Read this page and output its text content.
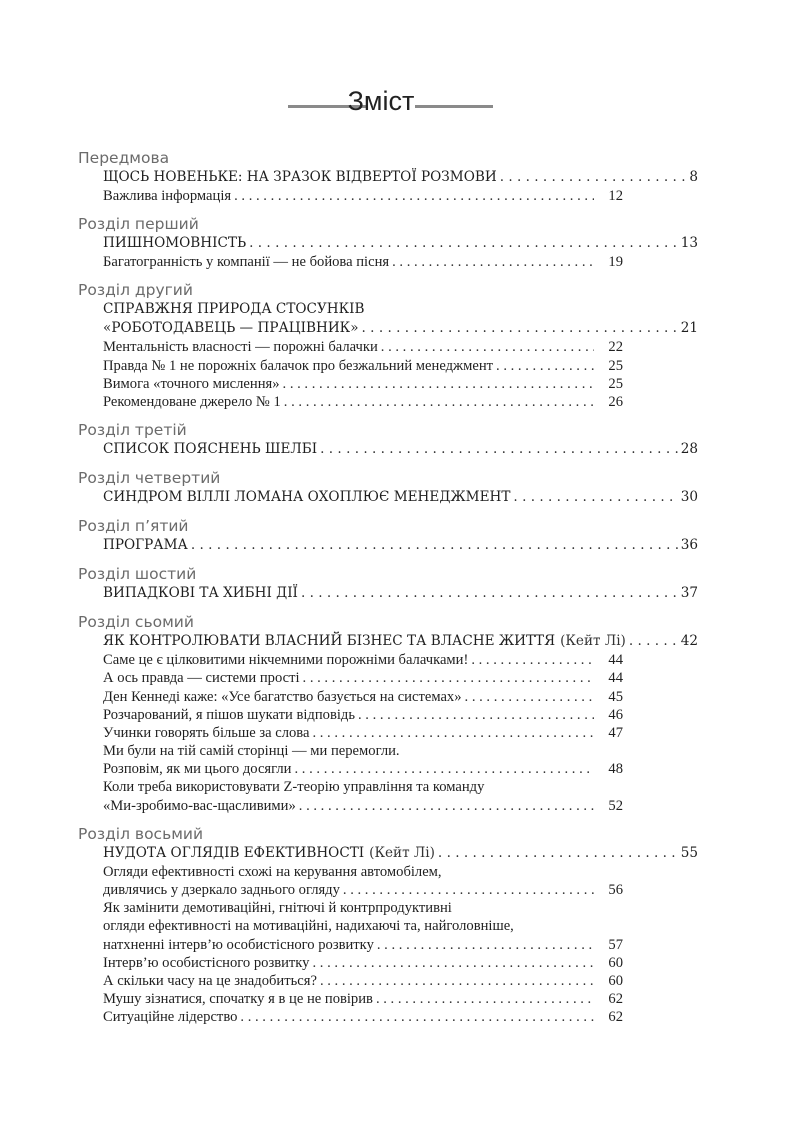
Зміст
Передмова
ЩОСЬ НОВЕНЬКЕ: НА ЗРАЗОК ВІДВЕРТОЇ РОЗМОВИ . . .	8
Важлива інформація . . .	12
Розділ перший
ПИШНОМОВНІСТЬ . . .	13
Багатогранність у компанії — не бойова пісня . . .	19
Розділ другий
СПРАВЖНЯ ПРИРОДА СТОСУНКІВ
«РОБОТОДАВЕЦЬ — ПРАЦІВНИК» . . .	21
Ментальність власності — порожні балачки . . .	22
Правда № 1 не порожніх балачок про безжальний менеджмент . . .	25
Вимога «точного мислення» . . .	25
Рекомендоване джерело № 1 . . .	26
Розділ третій
СПИСОК ПОЯСНЕНЬ ШЕЛБІ . . .	28
Розділ четвертий
СИНДРОМ ВІЛЛІ ЛОМАНА ОХОПЛЮЄ МЕНЕДЖМЕНТ . . .	30
Розділ п’ятий
ПРОГРАМА . . .	36
Розділ шостий
ВИПАДКОВІ ТА ХИБНІ ДІЇ . . .	37
Розділ сьомий
ЯК КОНТРОЛЮВАТИ ВЛАСНИЙ БІЗНЕС ТА ВЛАСНЕ ЖИТТЯ (Кейт Лі) . . .	42
Саме це є цілковитими нікчемними порожніми балачками! . . .	44
А ось правда — системи прості . . .	44
Ден Кеннеді каже: «Усе багатство базується на системах» . . .	45
Розчарований, я пішов шукати відповідь . . .	46
Учинки говорять більше за слова . . .	47
Ми були на тій самій сторінці — ми перемогли.
Розповім, як ми цього досягли . . .	48
Коли треба використовувати Z-теорію управління та команду
«Ми-зробимо-вас-щасливими» . . .	52
Розділ восьмий
НУДОТА ОГЛЯДІВ ЕФЕКТИВНОСТІ (Кейт Лі) . . .	55
Огляди ефективності схожі на керування автомобілем,
дивлячись у дзеркало заднього огляду . . .	56
Як замінити демотиваційні, гнітючі й контрпродуктивні
огляди ефективності на мотиваційні, надихаючі та, найголовніше,
натхненні інтерв’ю особистісного розвитку . . .	57
Інтерв’ю особистісного розвитку . . .	60
А скільки часу на це знадобиться? . . .	60
Мушу зізнатися, спочатку я в це не повірив . . .	62
Ситуаційне лідерство . . .	62
